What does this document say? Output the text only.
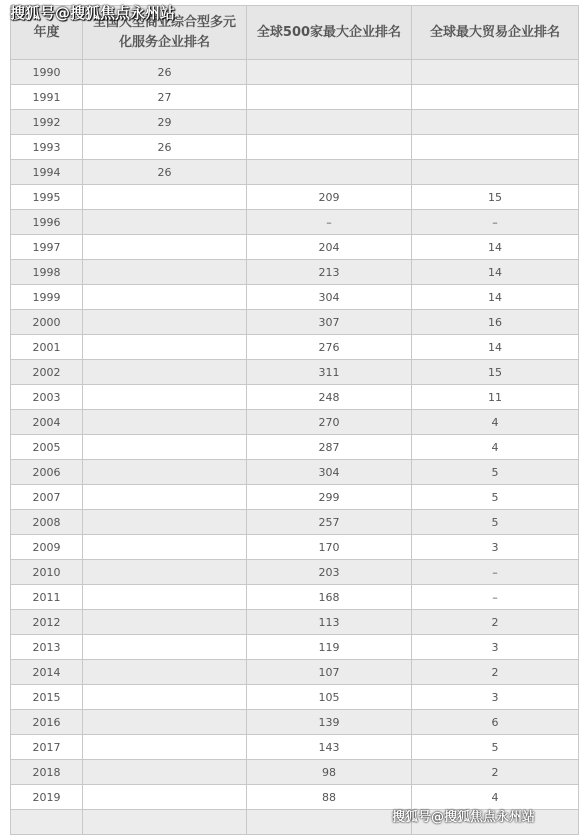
搜狐号@搜狐焦点永州站
年度	全国大型商业综合型多元化服务企业排名	全球500家最大企业排名	全球最大贸易企业排名

1990	26		
1991	27		
1992	29		
1993	26		
1994	26		
1995		209	15
1996		–	–
1997		204	14
1998		213	14
1999		304	14
2000		307	16
2001		276	14
2002		311	15
2003		248	11
2004		270	4
2005		287	4
2006		304	5
2007		299	5
2008		257	5
2009		170	3
2010		203	–
2011		168	–
2012		113	2
2013		119	3
2014		107	2
2015		105	3
2016		139	6
2017		143	5
2018		98	2
2019		88	4

搜狐号@搜狐焦点永州站
